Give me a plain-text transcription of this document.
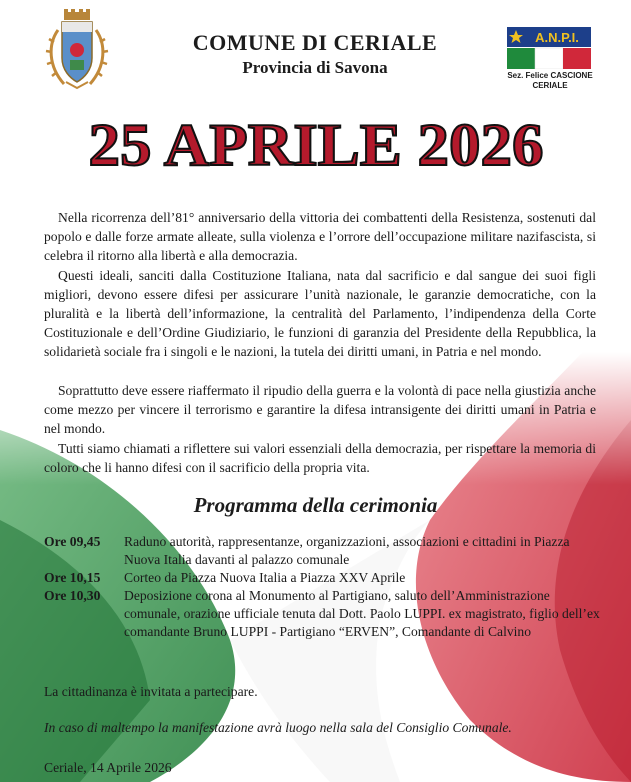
COMUNE DI CERIALE
Provincia di Savona
A.N.P.I.
Sez. Felice CASCIONE
CERIALE
25 APRILE 2026

Nella ricorrenza dell’81° anniversario della vittoria dei combattenti della Resistenza, sostenuti dal popolo e dalle forze armate alleate, sulla violenza e l’orrore dell’occupazione militare nazifascista, si celebra il ritorno alla libertà e alla democrazia.

Questi ideali, sanciti dalla Costituzione Italiana, nata dal sacrificio e dal sangue dei suoi figli migliori, devono essere difesi per assicurare l’unità nazionale, le garanzie democratiche, con la pluralità e la libertà dell’informazione, la centralità del Parlamento, l’indipendenza della Corte Costituzionale e dell’Ordine Giudiziario, le funzioni di garanzia del Presidente della Repubblica, la solidarietà sociale fra i singoli e le nazioni, la tutela dei diritti umani, in Patria e nel mondo.

Soprattutto deve essere riaffermato il ripudio della guerra e la volontà di pace nella giustizia anche come mezzo per vincere il terrorismo e garantire la difesa intransigente dei diritti umani in Patria e nel mondo.

Tutti siamo chiamati a riflettere sui valori essenziali della democrazia, per rispettare la memoria di coloro che li hanno difesi con il sacrificio della propria vita.

Programma della cerimonia
Ore 09,45	Raduno autorità, rappresentanze, organizzazioni, associazioni e cittadini in Piazza Nuova Italia davanti al palazzo comunale
Ore 10,15	Corteo da Piazza Nuova Italia a Piazza XXV Aprile
Ore 10,30	Deposizione corona al Monumento al Partigiano, saluto dell’Amministrazione comunale, orazione ufficiale tenuta dal Dott. Paolo LUPPI. ex magistrato, figlio dell’ex comandante Bruno LUPPI - Partigiano “ERVEN”, Comandante di Calvino
La cittadinanza è invitata a partecipare.
In caso di maltempo la manifestazione avrà luogo nella sala del Consiglio Comunale.
Ceriale, 14 Aprile 2026
